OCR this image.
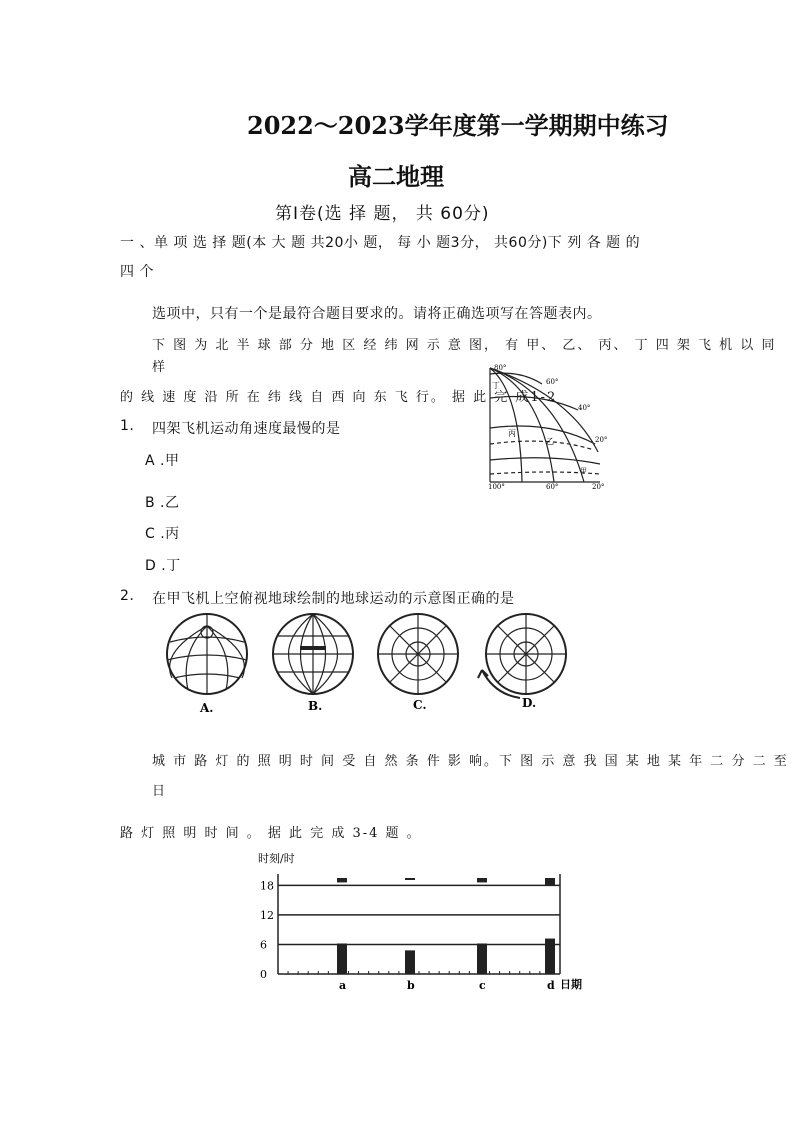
2022～2023学年度第一学期期中练习
高二地理
第Ⅰ卷(选 择 题， 共 60分)
一 、单 项 选 择 题(本 大 题 共20小 题， 每 小 题3分， 共60分)下 列 各 题 的
四 个
选项中，只有一个是最符合题目要求的。请将正确选项写在答题表内。
下 图 为 北 半 球 部 分 地 区 经 纬 网 示 意 图， 有 甲、 乙、 丙、 丁 四 架 飞 机 以 同
样
的 线 速 度 沿 所 在 纬 线 自 西 向 东 飞 行。 据 此 完 成1-2
80°
60°
40°
20°
100°	60°	20°
丁
丙
乙
甲
1. 四架飞机运动角速度最慢的是
A .甲
B .乙
C .丙
D .丁
2. 在甲飞机上空俯视地球绘制的地球运动的示意图正确的是
A.	B.	C.	D.
城 市 路 灯 的 照 明 时 间 受 自 然 条 件 影 响。下 图 示 意 我 国 某 地 某 年 二 分 二 至
日
路 灯 照 明 时 间 。 据 此 完 成 3-4 题 。
时刻/时
0
6
12
18
a	b	c	d 日期
